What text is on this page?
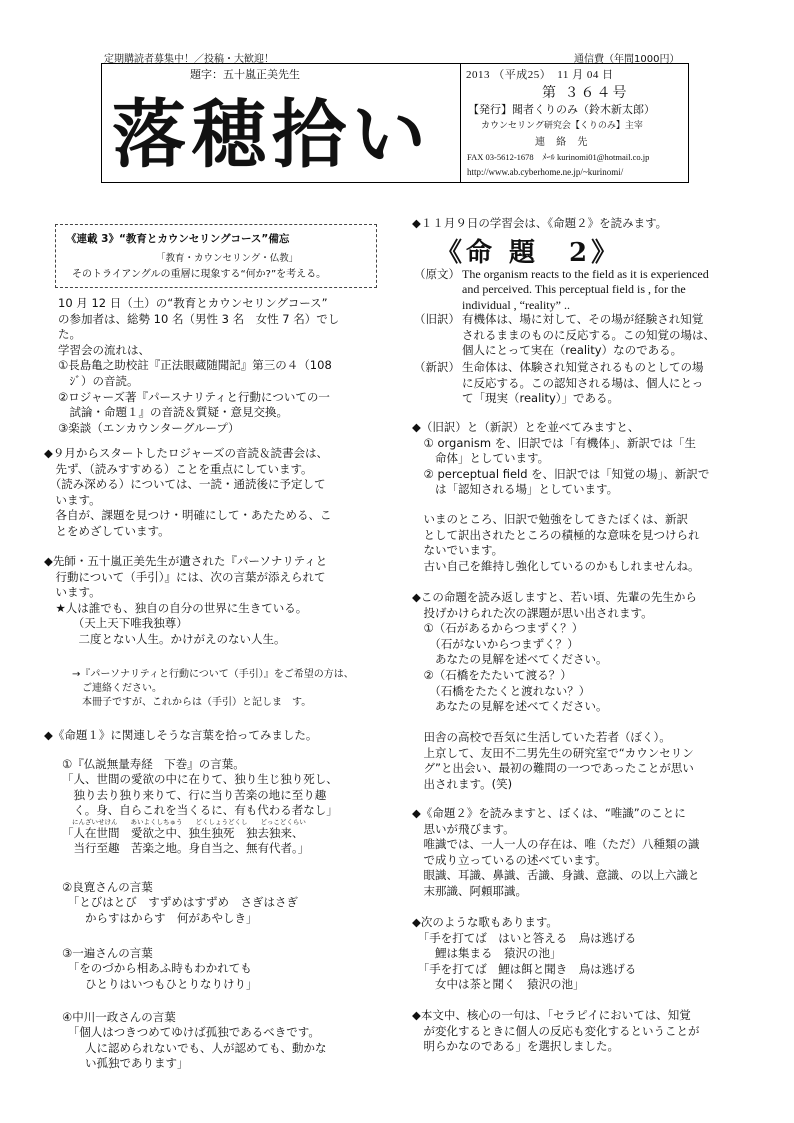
定期購読者募集中！／投稿・大歓迎！	通信費（年間1000円）
題字：五十嵐正美先生
落穂拾い
2013 （平成25）　11 月 04 日
第 ３６４号
【発行】聞者くりのみ（鈴木新太郎）
カウンセリング研究会【くりのみ】主宰
連 絡 先
FAX 03-5612-1678　ﾒｰﾙ kurinomi01@hotmail.co.jp
http://www.ab.cyberhome.ne.jp/~kurinomi/
《連載 3》“教育とカウンセリングコース”備忘
「教育・カウンセリング・仏教」
そのトライアングルの重層に現象する“何か?”を考える。
《命 題　2》
10 月 12 日（土）の“教育とカウンセリングコース”
の参加者は、総勢 10 名（男性 3 名　女性 7 名）でし
た。
学習会の流れは、
①長島亀之助校註『正法眼蔵随聞記』第三の４（108
　ｼﾞ）の音読。
②ロジャーズ著『パースナリティと行動についての一
　試論・命題１』の音読＆質疑・意見交換。
③楽談（エンカウンターグループ）
◆９月からスタートしたロジャーズの音読＆読書会は、
　先ず、（読みすすめる）ことを重点にしています。
　（読み深める）については、一読・通読後に予定して
　います。
　各自が、課題を見つけ・明確にして・あたためる、こ
　とをめざしています。
◆先師・五十嵐正美先生が遺された『パーソナリティと
　行動について（手引）』には、次の言葉が添えられて
　います。
　★人は誰でも、独自の自分の世界に生きている。
　　　（天上天下唯我独尊）
　　　二度とない人生。かけがえのない人生。
→『パーソナリティと行動について（手引）』をご希望の方は、
　ご連絡ください。
　本冊子ですが、これからは（手引）と記しま　す。
◆《命題１》に関連しそうな言葉を拾ってみました。
①『仏説無量寿経　下巻』の言葉。
「人、世間の愛欲の中に在りて、独り生じ独り死し、
　独り去り独り来りて、行に当り苦楽の地に至り趣
　く。身、自らこれを当くるに、有も代わる者なし」
にんざいせけん　　あいよくしちゅう　　どくしょうどくし　　どっこどくらい
「人在世間　愛欲之中、独生独死　独去独来、
　当行至趣　苦楽之地。身自当之、無有代者。」
②良寛さんの言葉
　「とびはとび　すずめはすずめ　さぎはさぎ
　　からすはからす　何があやしき」
③一遍さんの言葉
　「をのづから相あふ時もわかれても
　　ひとりはいつもひとりなりけり」
④中川一政さんの言葉
　「個人はつきつめてゆけば孤独であるべきです。
　　人に認められないでも、人が認めても、動かな
　　い孤独であります」
◆１１月９日の学習会は、《命題２》を読みます。
（原文） The organism reacts to the field as it is experienced
and perceived. This perceptual field is , for the
individual , “reality” ..
（旧訳） 有機体は、場に対して、その場が経験され知覚
されるままのものに反応する。この知覚の場は、
個人にとって実在（reality）なのである。
（新訳） 生命体は、体験され知覚されるものとしての場
に反応する。この認知される場は、個人にとっ
て「現実（reality）」である。
◆（旧訳）と（新訳）とを並べてみますと、
　① organism を、旧訳では「有機体」、新訳では「生
　　命体」としています。
　② perceptual field を、旧訳では「知覚の場」、新訳で
　　は「認知される場」としています。
　いまのところ、旧訳で勉強をしてきたぼくは、新訳
　として訳出されたところの積極的な意味を見つけられ
　ないでいます。
　古い自己を維持し強化しているのかもしれませんね。
◆この命題を読み返しますと、若い頃、先輩の先生から
　投げかけられた次の課題が思い出されます。
　①（石があるからつまずく？）
　　（石がないからつまずく？）
　　あなたの見解を述べてください。
　②（石橋をたたいて渡る？）
　　（石橋をたたくと渡れない？）
　　あなたの見解を述べてください。
　田舎の高校で吾気に生活していた若者（ぼく）。
　上京して、友田不二男先生の研究室で“カウンセリン
　グ”と出会い、最初の難問の一つであったことが思い
　出されます。(笑)
◆《命題２》を読みますと、ぼくは、“唯識”のことに
　思いが飛びます。
　唯識では、一人一人の存在は、唯（ただ）八種類の識
　で成り立っているの述べています。
　眼識、耳識、鼻識、舌識、身識、意識、の以上六識と
　末那識、阿頼耶識。
◆次のような歌もあります。
　「手を打てば　はいと答える　鳥は逃げる
　　鯉は集まる　猿沢の池」
　「手を打てば　鯉は餌と聞き　鳥は逃げる
　　女中は茶と聞く　猿沢の池」
◆本文中、核心の一句は、「セラピイにおいては、知覚
　が変化するときに個人の反応も変化するということが
　明らかなのである」を選択しました。
